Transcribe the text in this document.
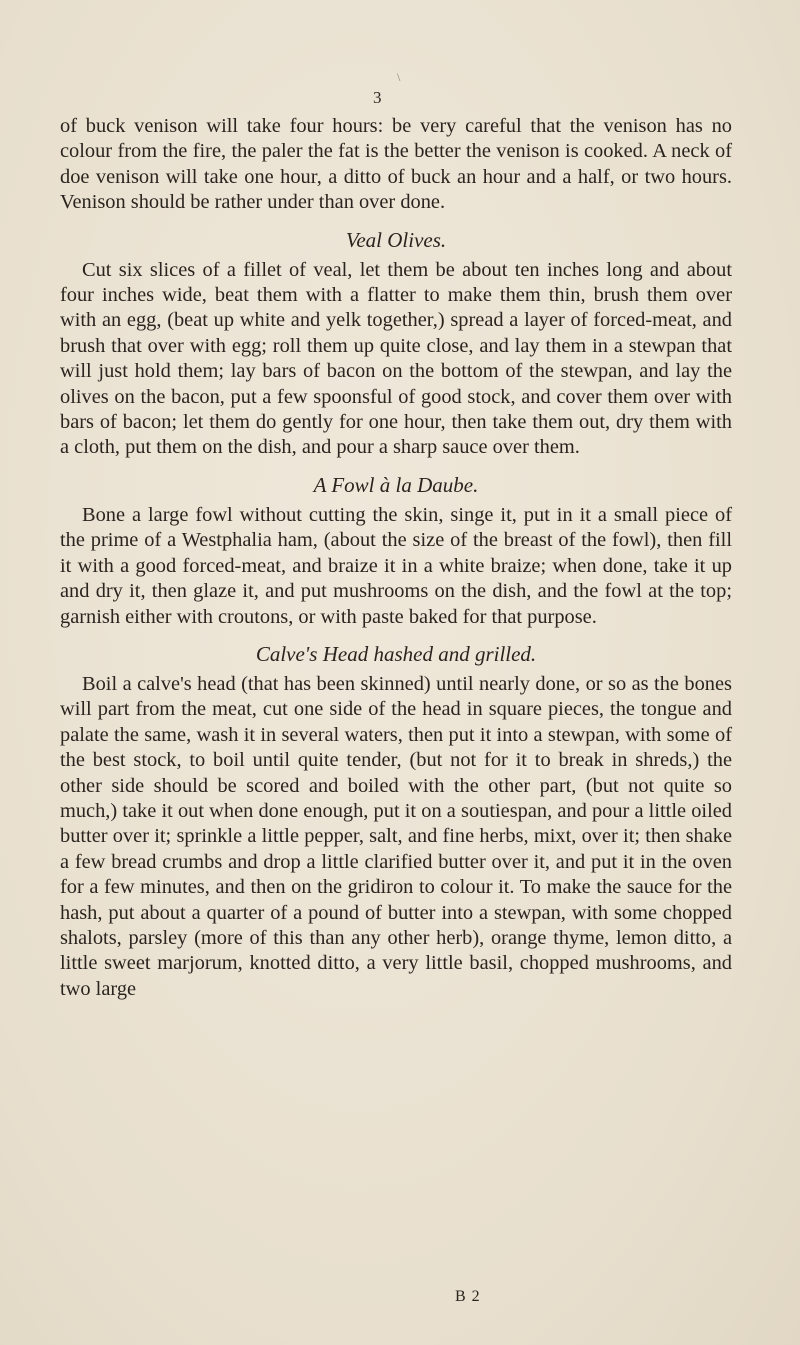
\
3

of buck venison will take four hours: be very careful that the venison has no colour from the fire, the paler the fat is the better the venison is cooked. A neck of doe venison will take one hour, a ditto of buck an hour and a half, or two hours. Venison should be rather under than over done.

Veal Olives.

Cut six slices of a fillet of veal, let them be about ten inches long and about four inches wide, beat them with a flatter to make them thin, brush them over with an egg, (beat up white and yelk together,) spread a layer of forced-meat, and brush that over with egg; roll them up quite close, and lay them in a stewpan that will just hold them; lay bars of bacon on the bottom of the stewpan, and lay the olives on the bacon, put a few spoonsful of good stock, and cover them over with bars of bacon; let them do gently for one hour, then take them out, dry them with a cloth, put them on the dish, and pour a sharp sauce over them.

A Fowl à la Daube.

Bone a large fowl without cutting the skin, singe it, put in it a small piece of the prime of a Westphalia ham, (about the size of the breast of the fowl), then fill it with a good forced-meat, and braize it in a white braize; when done, take it up and dry it, then glaze it, and put mushrooms on the dish, and the fowl at the top; garnish either with croutons, or with paste baked for that purpose.

Calve's Head hashed and grilled.

Boil a calve's head (that has been skinned) until nearly done, or so as the bones will part from the meat, cut one side of the head in square pieces, the tongue and palate the same, wash it in several waters, then put it into a stewpan, with some of the best stock, to boil until quite tender, (but not for it to break in shreds,) the other side should be scored and boiled with the other part, (but not quite so much,) take it out when done enough, put it on a soutiespan, and pour a little oiled butter over it; sprinkle a little pepper, salt, and fine herbs, mixt, over it; then shake a few bread crumbs and drop a little clarified butter over it, and put it in the oven for a few minutes, and then on the gridiron to colour it. To make the sauce for the hash, put about a quarter of a pound of butter into a stewpan, with some chopped shalots, parsley (more of this than any other herb), orange thyme, lemon ditto, a little sweet marjorum, knotted ditto, a very little basil, chopped mushrooms, and two large

B 2
